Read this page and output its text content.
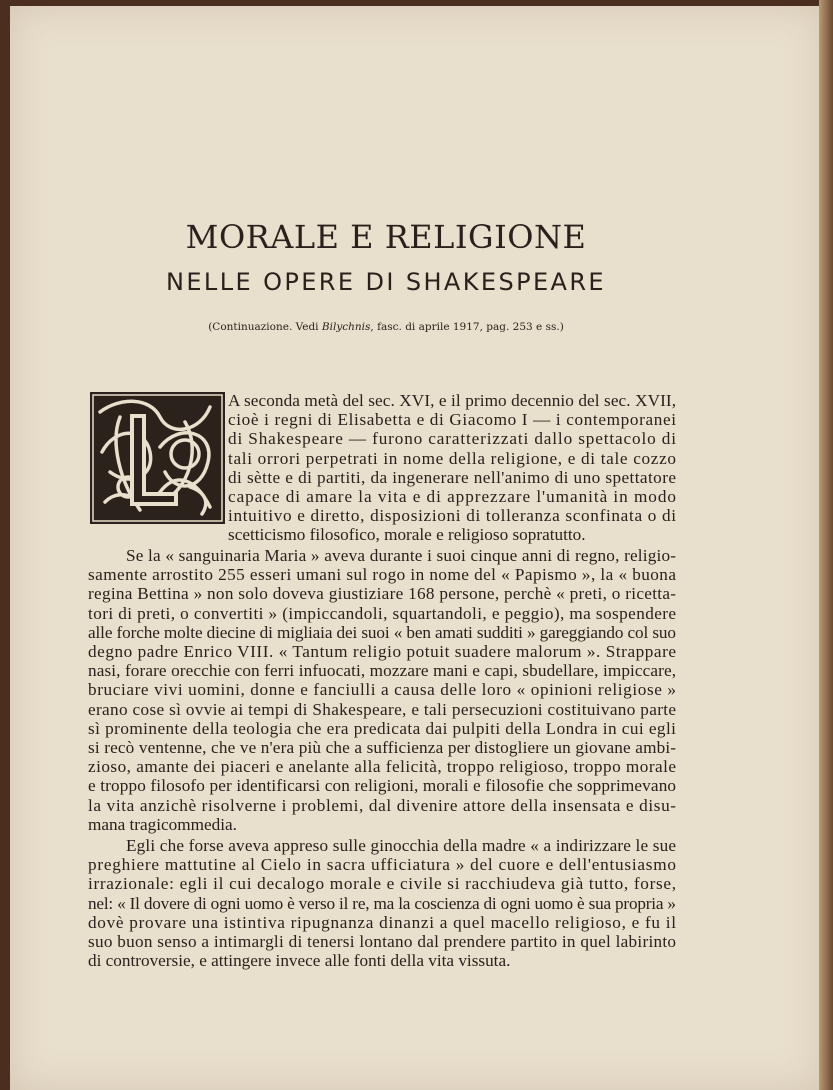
MORALE E RELIGIONE
NELLE OPERE DI SHAKESPEARE
(Continuazione. Vedi Bilychnis, fasc. di aprile 1917, pag. 253 e ss.)
A seconda metà del sec. XVI, e il primo decennio del sec. XVII,
cioè i regni di Elisabetta e di Giacomo I — i contemporanei
di Shakespeare — furono caratterizzati dallo spettacolo di
tali orrori perpetrati in nome della religione, e di tale cozzo
di sètte e di partiti, da ingenerare nell'animo di uno spettatore
capace di amare la vita e di apprezzare l'umanità in modo
intuitivo e diretto, disposizioni di tolleranza sconfinata o di
scetticismo filosofico, morale e religioso sopratutto.
Se la « sanguinaria Maria » aveva durante i suoi cinque anni di regno, religio-
samente arrostito 255 esseri umani sul rogo in nome del « Papismo », la « buona
regina Bettina » non solo doveva giustiziare 168 persone, perchè « preti, o ricetta-
tori di preti, o convertiti » (impiccandoli, squartandoli, e peggio), ma sospendere
alle forche molte diecine di migliaia dei suoi « ben amati sudditi » gareggiando col suo
degno padre Enrico VIII. « Tantum religio potuit suadere malorum ». Strappare
nasi, forare orecchie con ferri infuocati, mozzare mani e capi, sbudellare, impiccare,
bruciare vivi uomini, donne e fanciulli a causa delle loro « opinioni religiose »
erano cose sì ovvie ai tempi di Shakespeare, e tali persecuzioni costituivano parte
sì prominente della teologia che era predicata dai pulpiti della Londra in cui egli
si recò ventenne, che ve n'era più che a sufficienza per distogliere un giovane ambi-
zioso, amante dei piaceri e anelante alla felicità, troppo religioso, troppo morale
e troppo filosofo per identificarsi con religioni, morali e filosofie che sopprimevano
la vita anzichè risolverne i problemi, dal divenire attore della insensata e disu-
mana tragicommedia.
Egli che forse aveva appreso sulle ginocchia della madre « a indirizzare le sue
preghiere mattutine al Cielo in sacra ufficiatura » del cuore e dell'entusiasmo
irrazionale: egli il cui decalogo morale e civile si racchiudeva già tutto, forse,
nel: « Il dovere di ogni uomo è verso il re, ma la coscienza di ogni uomo è sua propria »
dovè provare una istintiva ripugnanza dinanzi a quel macello religioso, e fu il
suo buon senso a intimargli di tenersi lontano dal prendere partito in quel labirinto
di controversie, e attingere invece alle fonti della vita vissuta.
